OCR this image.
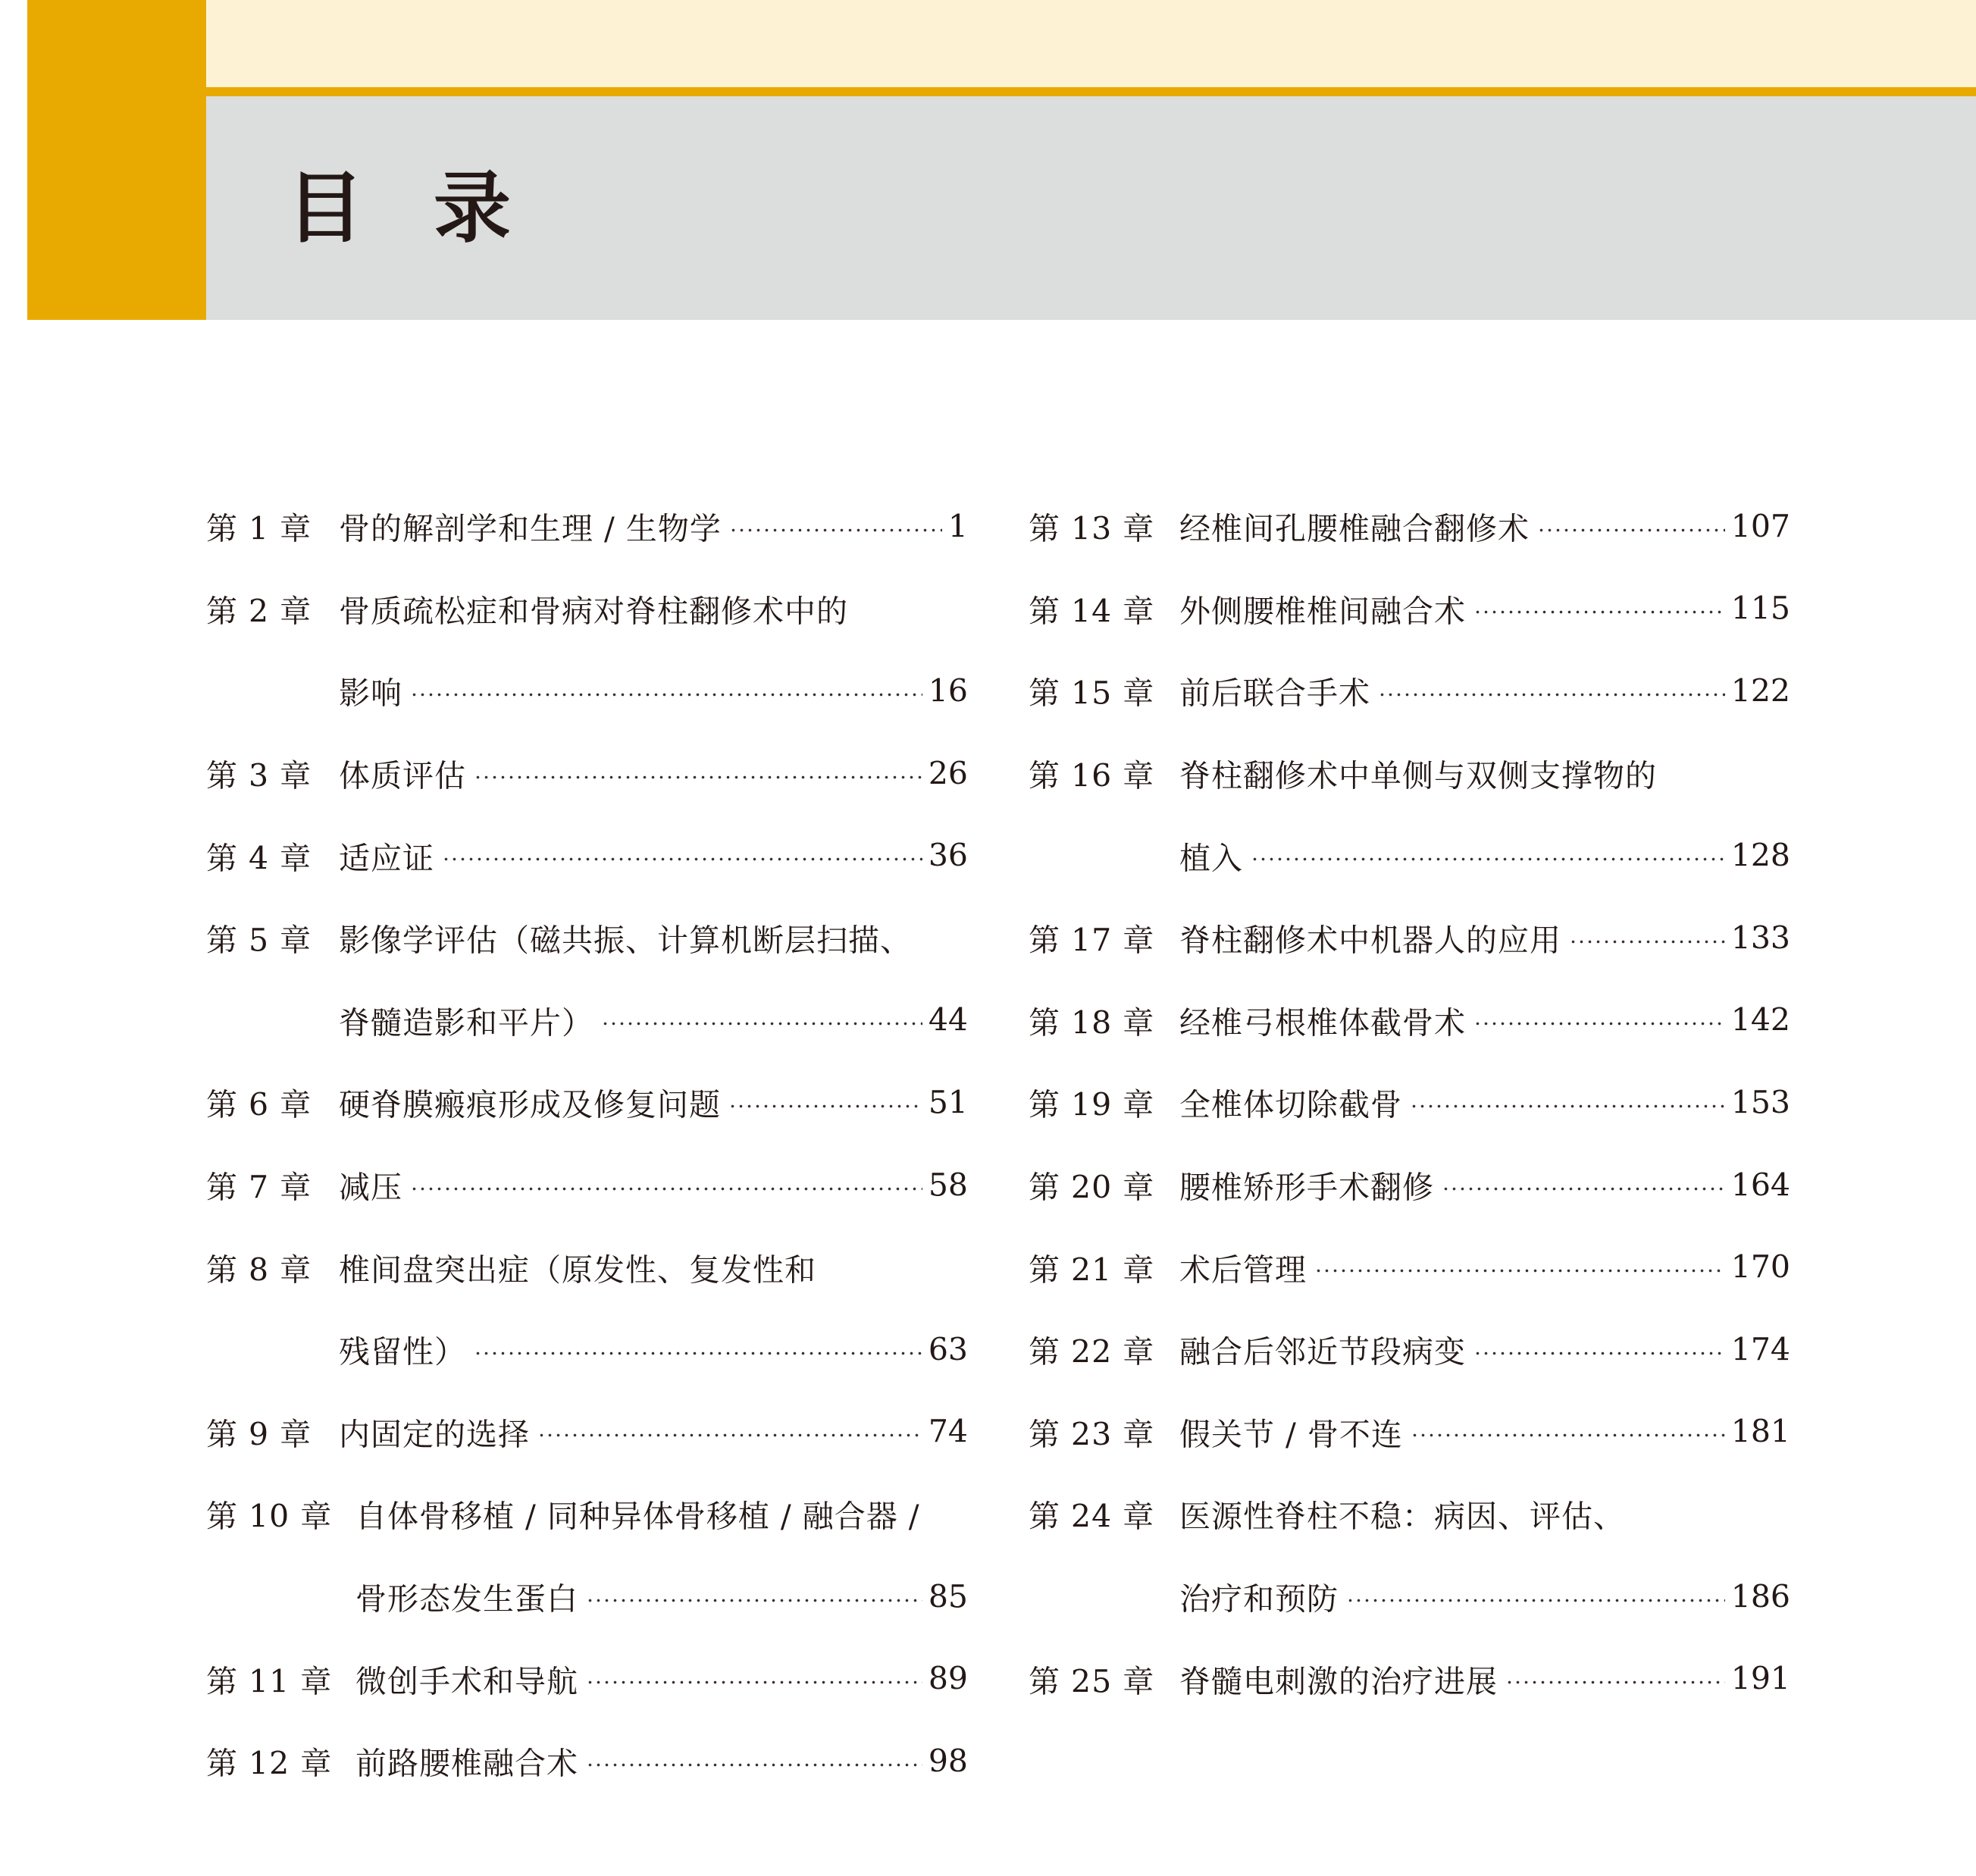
目录
第 1 章 骨的解剖学和生理 / 生物学	1
第 2 章 骨质疏松症和骨病对脊柱翻修术中的
影响	16
第 3 章 体质评估	26
第 4 章 适应证	36
第 5 章 影像学评估（磁共振、计算机断层扫描、
脊髓造影和平片）	44
第 6 章 硬脊膜瘢痕形成及修复问题	51
第 7 章 减压	58
第 8 章 椎间盘突出症（原发性、复发性和
残留性）	63
第 9 章 内固定的选择	74
第 10 章 自体骨移植 / 同种异体骨移植 / 融合器 /
骨形态发生蛋白	85
第 11 章 微创手术和导航	89
第 12 章 前路腰椎融合术	98
第 13 章 经椎间孔腰椎融合翻修术	107
第 14 章 外侧腰椎椎间融合术	115
第 15 章 前后联合手术	122
第 16 章 脊柱翻修术中单侧与双侧支撑物的
植入	128
第 17 章 脊柱翻修术中机器人的应用	133
第 18 章 经椎弓根椎体截骨术	142
第 19 章 全椎体切除截骨	153
第 20 章 腰椎矫形手术翻修	164
第 21 章 术后管理	170
第 22 章 融合后邻近节段病变	174
第 23 章 假关节 / 骨不连	181
第 24 章 医源性脊柱不稳：病因、评估、
治疗和预防	186
第 25 章 脊髓电刺激的治疗进展	191
